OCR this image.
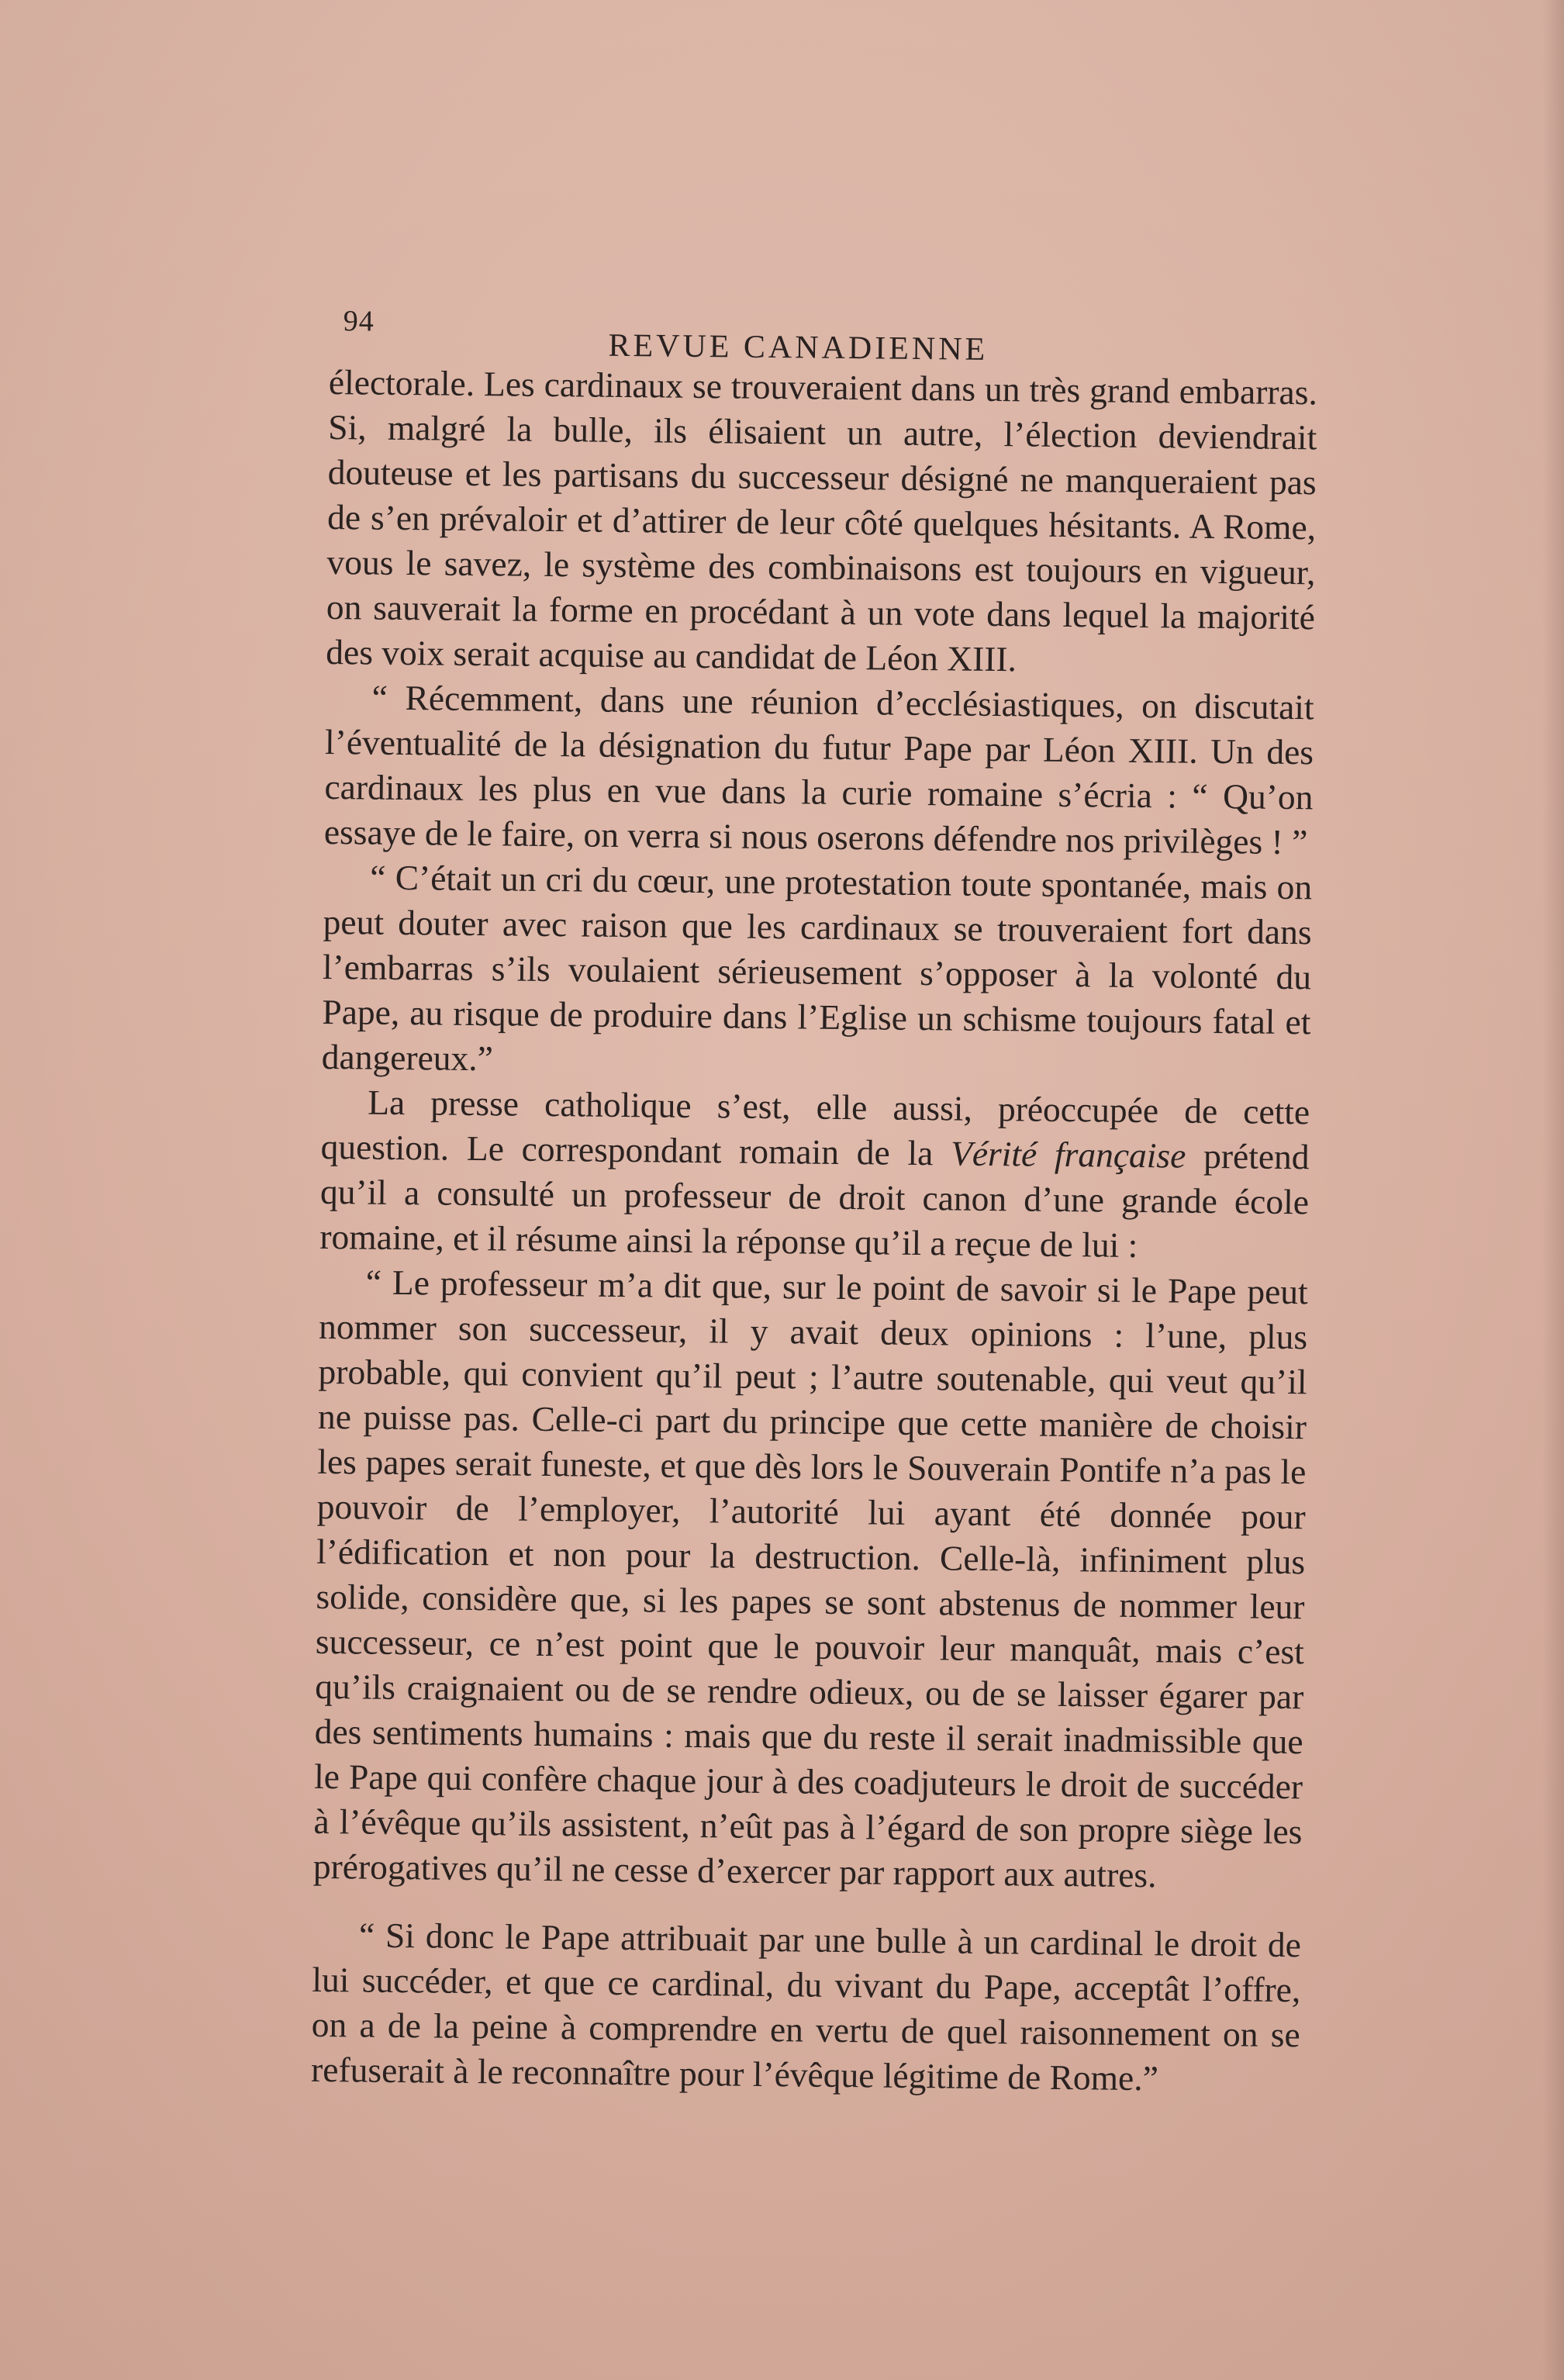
94
REVUE CANADIENNE

électorale. Les cardinaux se trouveraient dans un très grand embarras. Si, malgré la bulle, ils élisaient un autre, l’élection deviendrait douteuse et les partisans du successeur désigné ne manqueraient pas de s’en prévaloir et d’attirer de leur côté quelques hésitants. A Rome, vous le savez, le système des combinaisons est toujours en vigueur, on sauverait la forme en procédant à un vote dans lequel la majorité des voix serait acquise au candidat de Léon XIII.

“ Récemment, dans une réunion d’ecclésiastiques, on discutait l’éventualité de la désignation du futur Pape par Léon XIII. Un des cardinaux les plus en vue dans la curie romaine s’écria : “ Qu’on essaye de le faire, on verra si nous oserons défendre nos privilèges ! ”

“ C’était un cri du cœur, une protestation toute spontanée, mais on peut douter avec raison que les cardinaux se trouveraient fort dans l’embarras s’ils voulaient sérieusement s’opposer à la volonté du Pape, au risque de produire dans l’Eglise un schisme toujours fatal et dangereux.”

La presse catholique s’est, elle aussi, préoccupée de cette question. Le correspondant romain de la Vérité française prétend qu’il a consulté un professeur de droit canon d’une grande école romaine, et il résume ainsi la réponse qu’il a reçue de lui :

“ Le professeur m’a dit que, sur le point de savoir si le Pape peut nommer son successeur, il y avait deux opinions : l’une, plus probable, qui convient qu’il peut ; l’autre soutenable, qui veut qu’il ne puisse pas. Celle-ci part du principe que cette manière de choisir les papes serait funeste, et que dès lors le Souverain Pontife n’a pas le pouvoir de l’employer, l’autorité lui ayant été donnée pour l’édification et non pour la destruction. Celle-là, infiniment plus solide, considère que, si les papes se sont abstenus de nommer leur successeur, ce n’est point que le pouvoir leur manquât, mais c’est qu’ils craignaient ou de se rendre odieux, ou de se laisser égarer par des sentiments humains : mais que du reste il serait inadmissible que le Pape qui confère chaque jour à des coadjuteurs le droit de succéder à l’évêque qu’ils assistent, n’eût pas à l’égard de son propre siège les prérogatives qu’il ne cesse d’exercer par rapport aux autres.

“ Si donc le Pape attribuait par une bulle à un cardinal le droit de lui succéder, et que ce cardinal, du vivant du Pape, acceptât l’offre, on a de la peine à comprendre en vertu de quel raisonnement on se refuserait à le reconnaître pour l’évêque légitime de Rome.”
